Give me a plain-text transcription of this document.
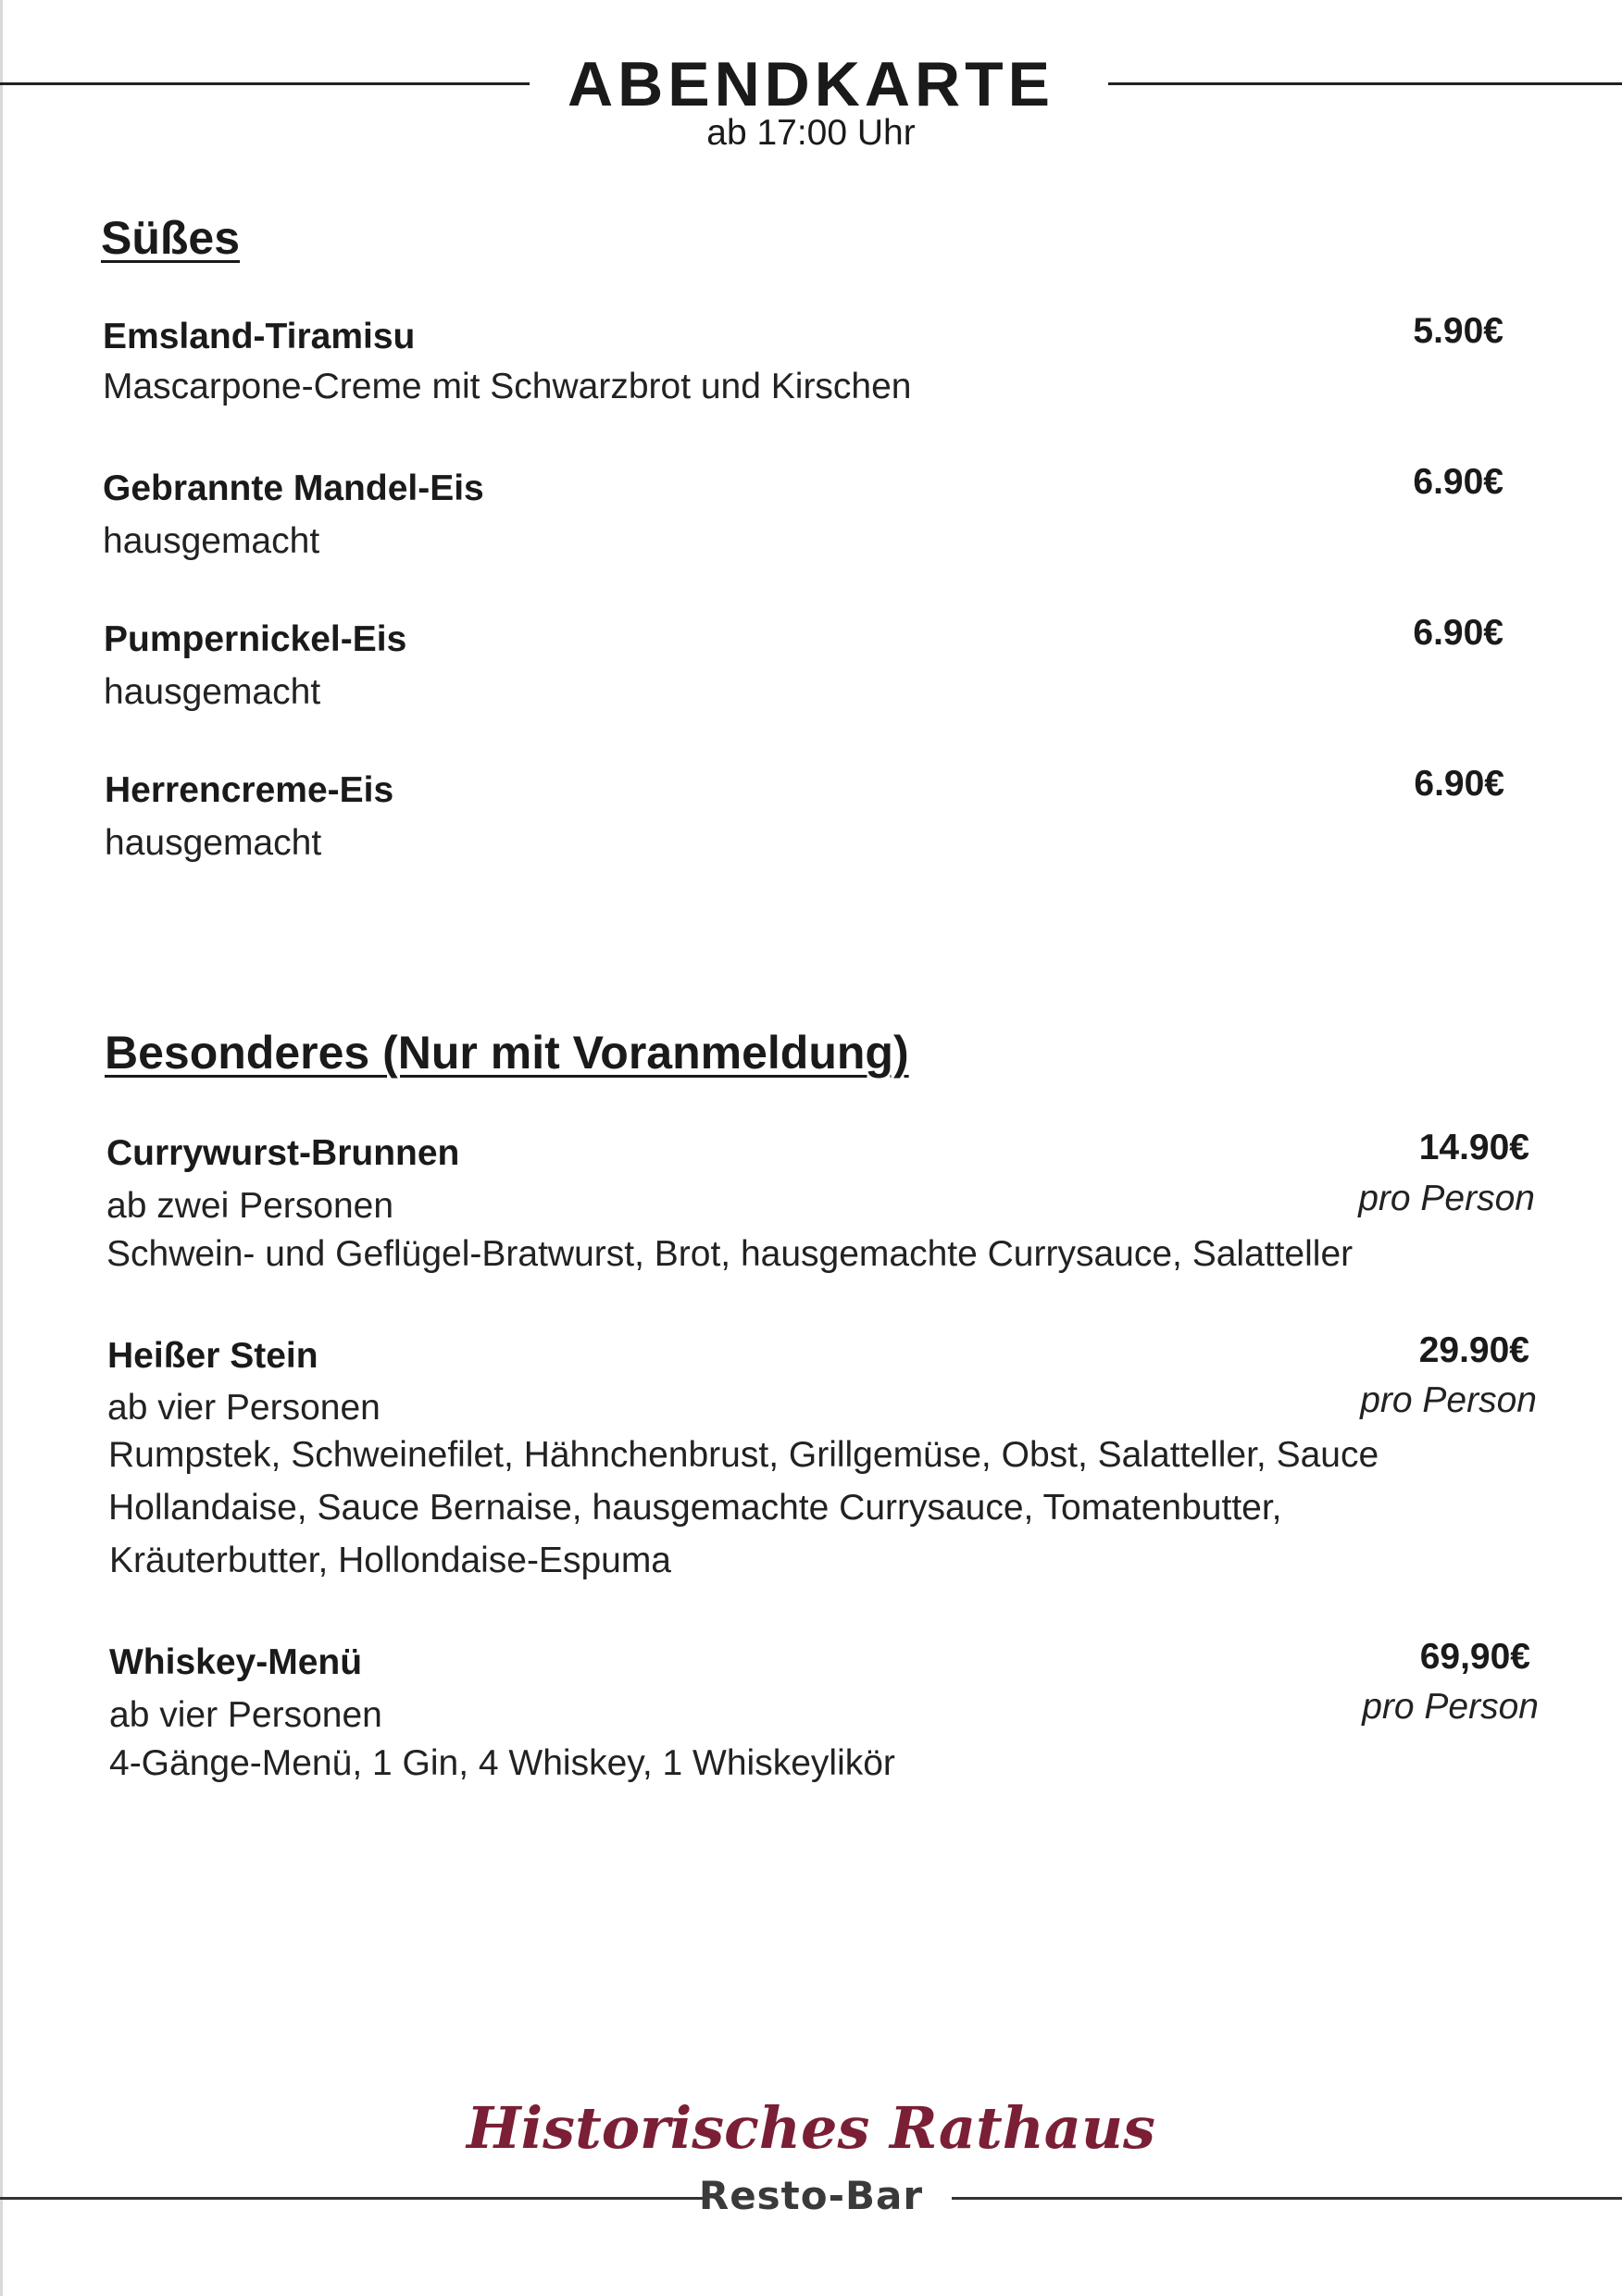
ABENDKARTE
ab 17:00 Uhr
Süßes
Emsland-Tiramisu	5.90€
Mascarpone-Creme mit Schwarzbrot und Kirschen
Gebrannte Mandel-Eis	6.90€
hausgemacht
Pumpernickel-Eis	6.90€
hausgemacht
Herrencreme-Eis	6.90€
hausgemacht
Besonderes (Nur mit Voranmeldung)
Currywurst-Brunnen	14.90€
ab zwei Personen	pro Person
Schwein- und Geflügel-Bratwurst, Brot, hausgemachte Currysauce, Salatteller
Heißer Stein	29.90€
ab vier Personen	pro Person
Rumpstek, Schweinefilet, Hähnchenbrust, Grillgemüse, Obst, Salatteller, Sauce
Hollandaise, Sauce Bernaise, hausgemachte Currysauce, Tomatenbutter,
Kräuterbutter, Hollondaise-Espuma
Whiskey-Menü	69,90€
ab vier Personen	pro Person
4-Gänge-Menü, 1 Gin, 4 Whiskey, 1 Whiskeylikör
Historisches Rathaus
Resto-Bar
